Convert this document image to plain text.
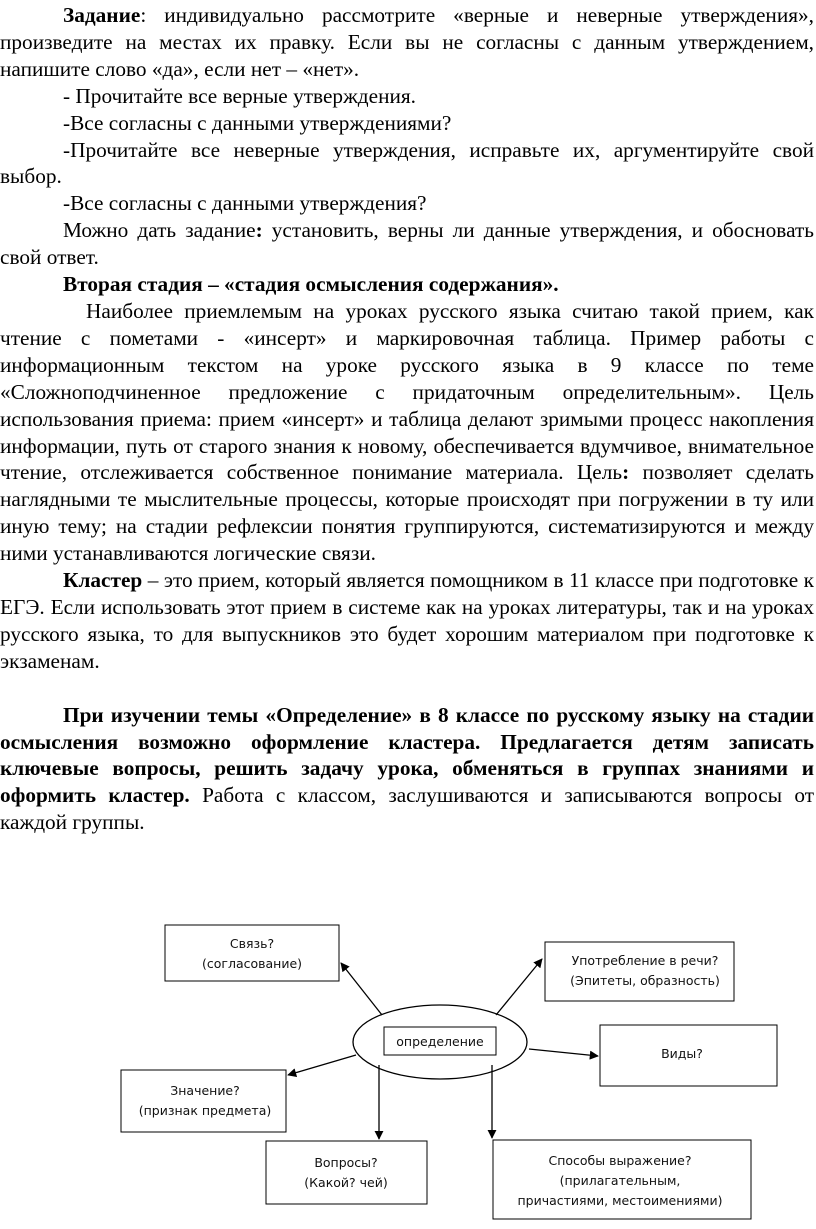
Задание: индивидуально рассмотрите «верные и неверные утверждения», произведите на местах их правку. Если вы не согласны с данным утверждением, напишите слово «да», если нет – «нет».

- Прочитайте все верные утверждения.

-Все согласны с данными утверждениями?

-Прочитайте все неверные утверждения, исправьте их, аргументируйте свой выбор.

-Все согласны с данными утверждения?

Можно дать задание: установить, верны ли данные утверждения, и обосновать свой ответ.

Вторая стадия – «стадия осмысления содержания».

Наиболее приемлемым на уроках русского языка считаю такой прием, как чтение с пометами - «инсерт» и маркировочная таблица. Пример работы с информационным текстом на уроке русского языка в 9 классе по теме «Сложноподчиненное предложение с придаточным определительным». Цель использования приема: прием «инсерт» и таблица делают зримыми процесс накопления информации, путь от старого знания к новому, обеспечивается вдумчивое, внимательное чтение, отслеживается собственное понимание материала. Цель: позволяет сделать наглядными те мыслительные процессы, которые происходят при погружении в ту или иную тему; на стадии рефлексии понятия группируются, систематизируются и между ними устанавливаются логические связи.

Кластер – это прием, который является помощником в 11 классе при подготовке к ЕГЭ. Если использовать этот прием в системе как на уроках литературы, так и на уроках русского языка, то для выпускников это будет хорошим материалом при подготовке к экзаменам.

При изучении темы «Определение» в 8 классе по русскому языку на стадии осмысления возможно оформление кластера. Предлагается детям записать ключевые вопросы, решить задачу урока, обменяться в группах знаниями и оформить кластер. Работа с классом, заслушиваются и записываются вопросы от каждой группы.

определение
Связь?
(согласование)	Употребление в речи?
(Эпитеты, образность)
Значение?
(признак предмета)
Виды?
Вопросы?
(Какой? чей)
Способы выражение?
(прилагательным,
причастиями, местоимениями)
